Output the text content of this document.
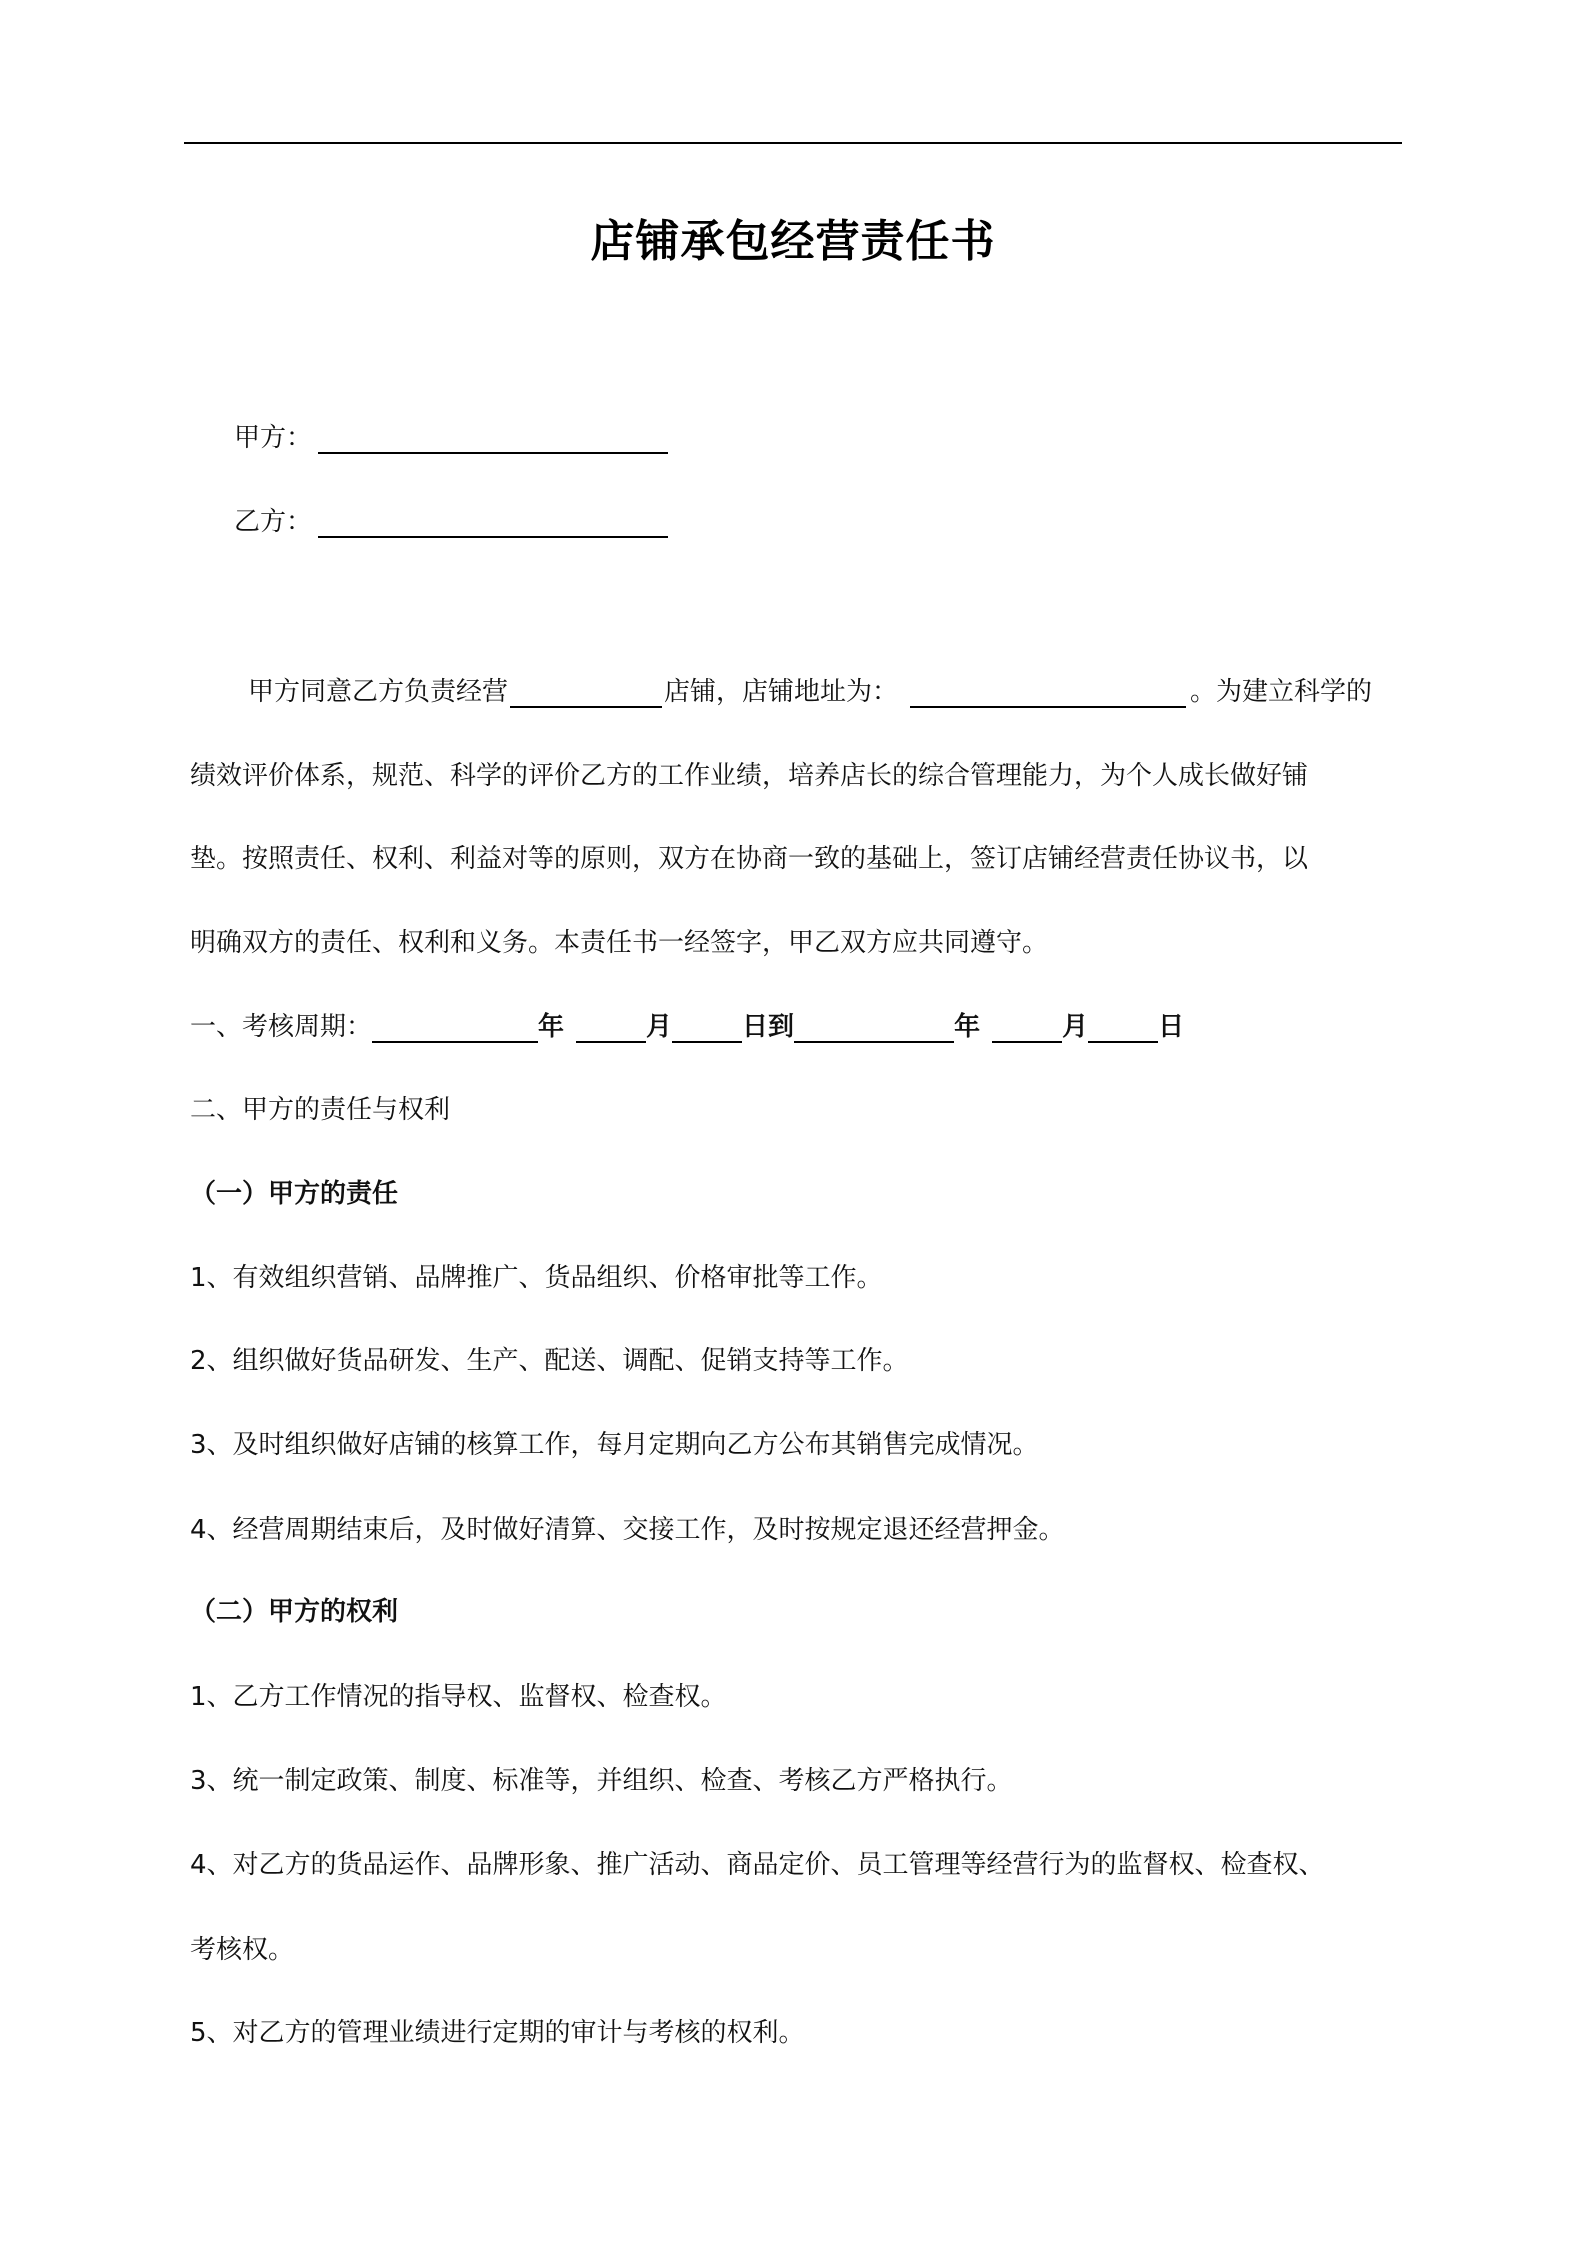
店铺承包经营责任书
甲方：
乙方：
甲方同意乙方负责经营	店铺，店铺地址为：	。为建立科学的
绩效评价体系，规范、科学的评价乙方的工作业绩，培养店长的综合管理能力，为个人成长做好铺
垫。按照责任、权利、利益对等的原则，双方在协商一致的基础上，签订店铺经营责任协议书，以
明确双方的责任、权利和义务。本责任书一经签字，甲乙双方应共同遵守。
一、考核周期：	年	月	日到	年	月	日
二、甲方的责任与权利
（一）甲方的责任
1、有效组织营销、品牌推广、货品组织、价格审批等工作。
2、组织做好货品研发、生产、配送、调配、促销支持等工作。
3、及时组织做好店铺的核算工作，每月定期向乙方公布其销售完成情况。
4、经营周期结束后，及时做好清算、交接工作，及时按规定退还经营押金。
（二）甲方的权利
1、乙方工作情况的指导权、监督权、检查权。
3、统一制定政策、制度、标准等，并组织、检查、考核乙方严格执行。
4、对乙方的货品运作、品牌形象、推广活动、商品定价、员工管理等经营行为的监督权、检查权、
考核权。
5、对乙方的管理业绩进行定期的审计与考核的权利。
